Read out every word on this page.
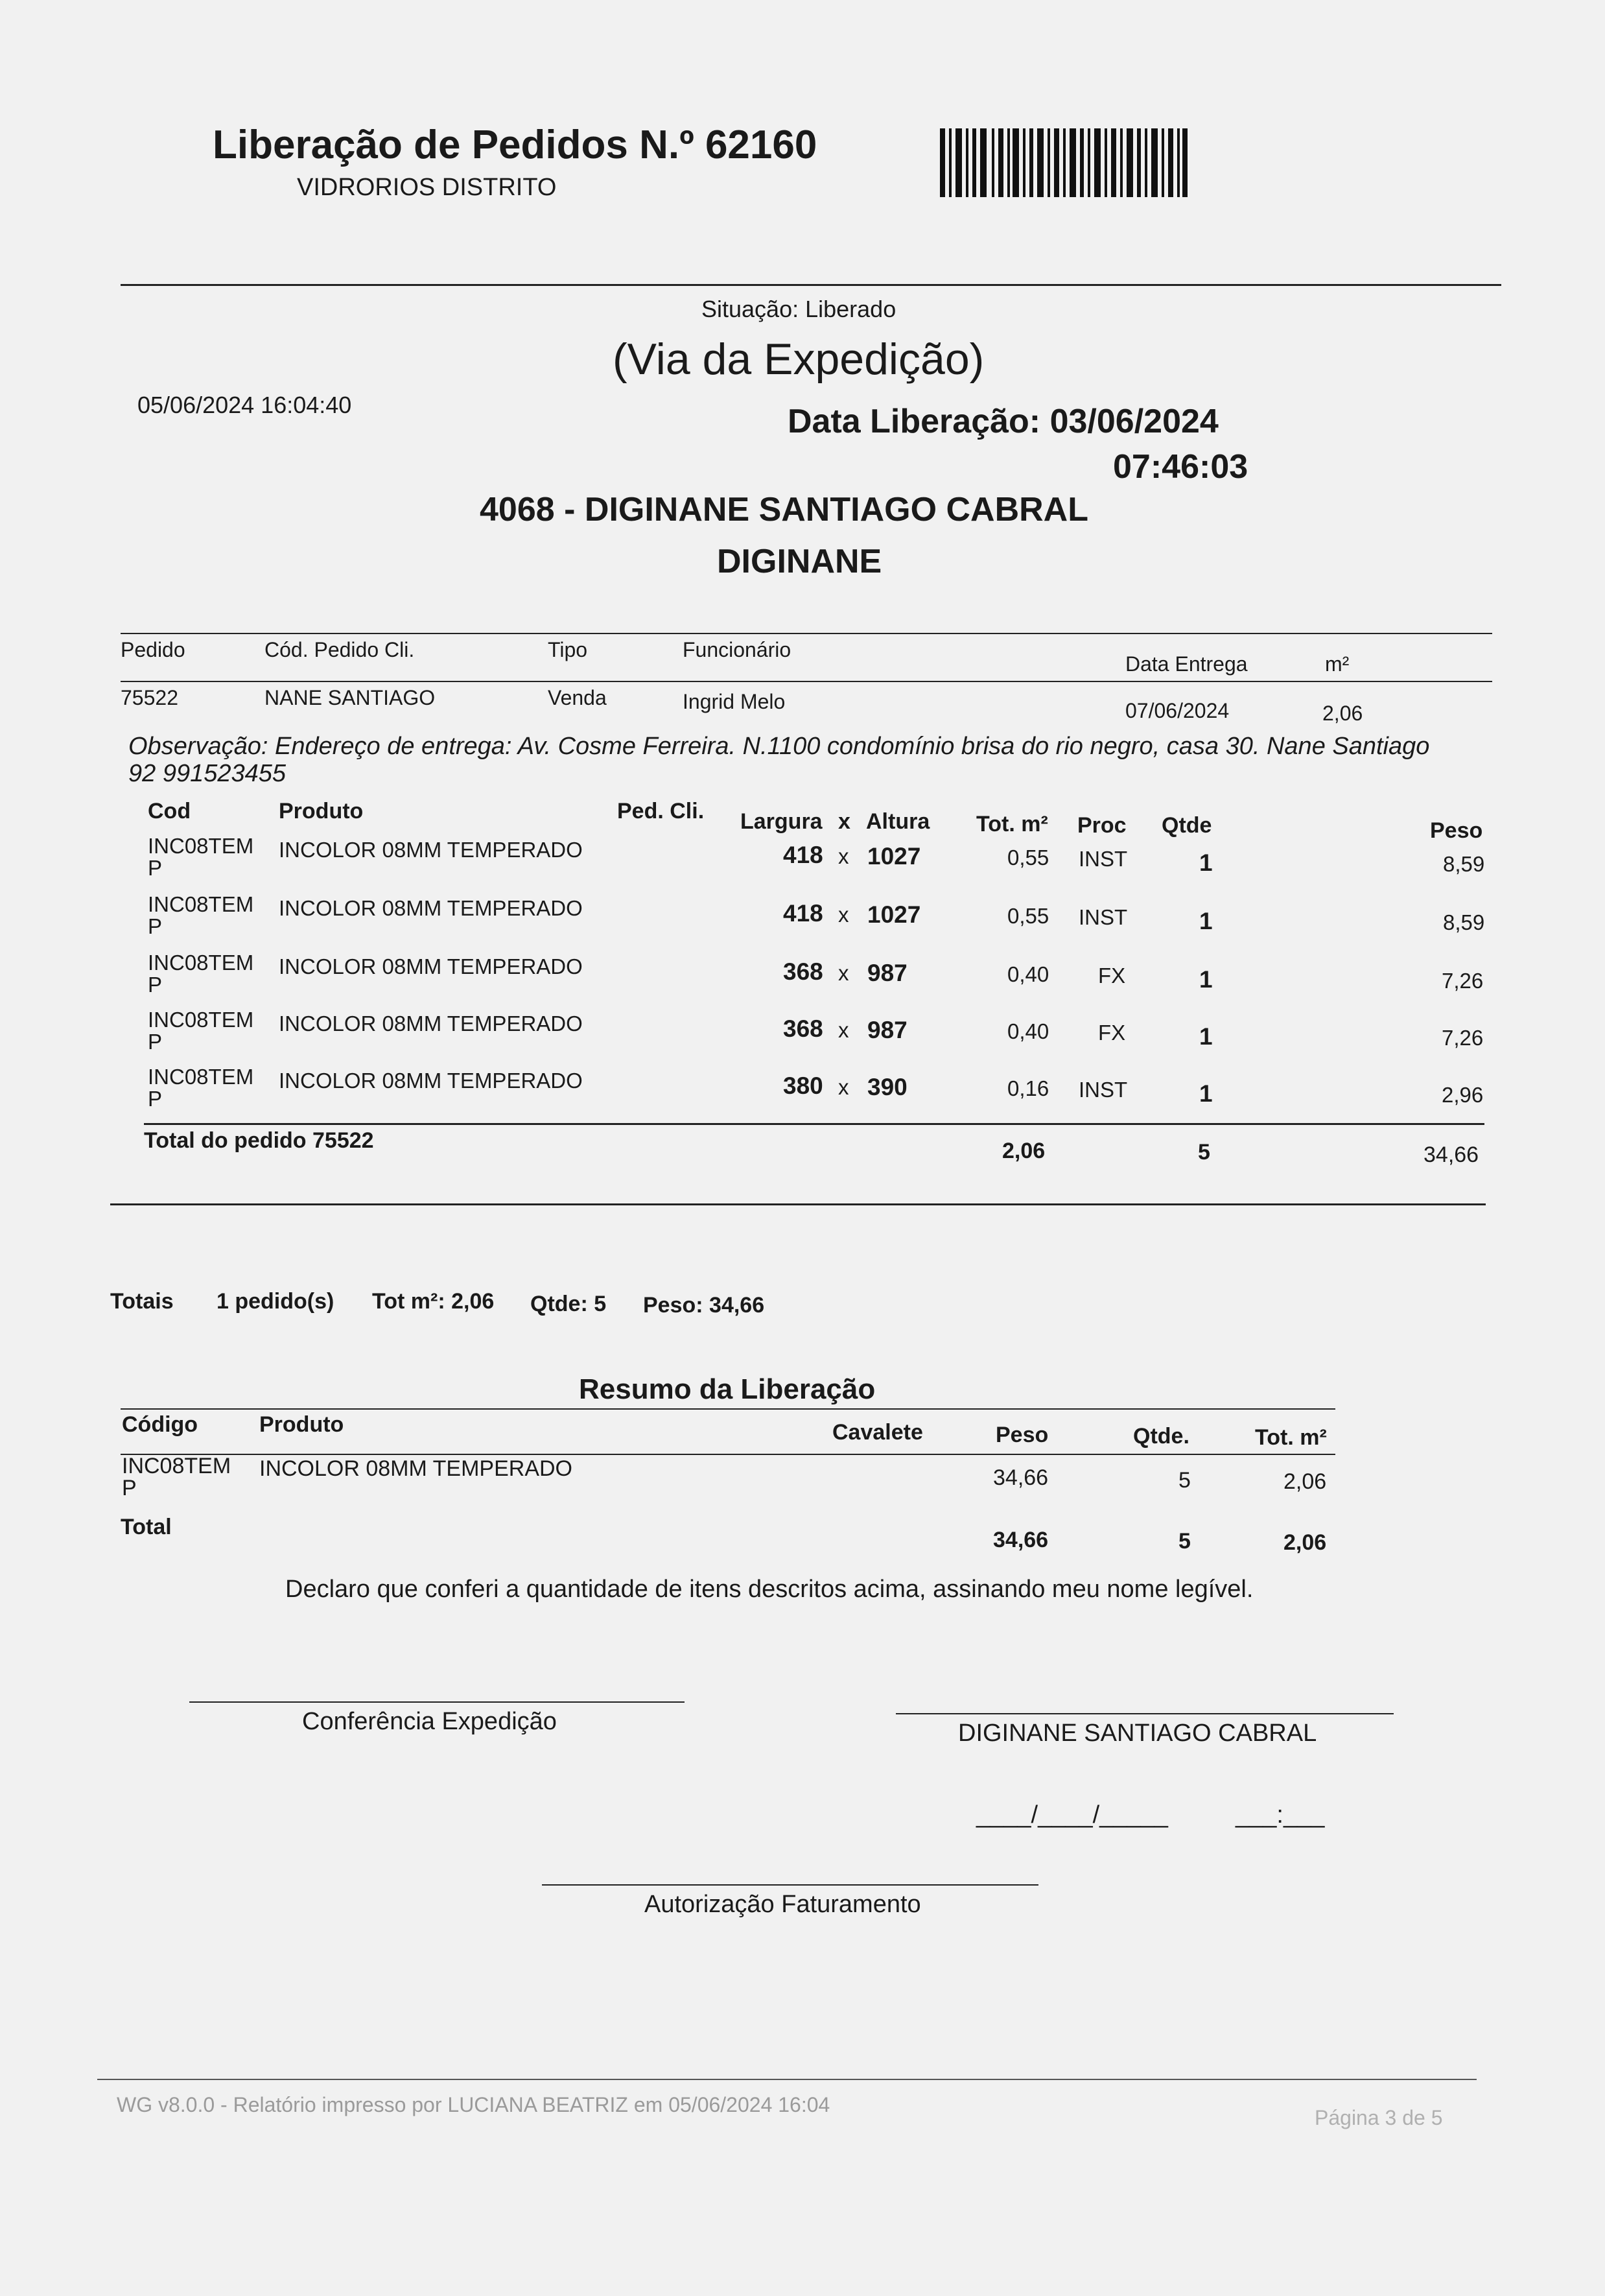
Liberação de Pedidos N.º 62160
VIDRORIOS DISTRITO
Situação: Liberado
(Via da Expedição)
05/06/2024 16:04:40	Data Liberação: 03/06/2024
07:46:03
4068 - DIGINANE SANTIAGO CABRAL
DIGINANE
Pedido	Cód. Pedido Cli.	Tipo	Funcionário
Data Entrega	m²
75522	NANE SANTIAGO	Venda	Ingrid Melo	07/06/2024	2,06
Observação: Endereço de entrega: Av. Cosme Ferreira. N.1100 condomínio brisa do rio negro, casa 30. Nane Santiago
92 991523455
Cod	Produto	Ped. Cli. Largura x Altura Tot. m² Proc Qtde	Peso
INC08TEM
P
INCOLOR 08MM TEMPERADO	418 x 1027	0,55 INST	1	8,59
INC08TEM
P
INCOLOR 08MM TEMPERADO	418 x 1027	0,55 INST	1	8,59
INC08TEM
P
INCOLOR 08MM TEMPERADO	368 x 987	0,40 FX	1	7,26
INC08TEM
P
INCOLOR 08MM TEMPERADO	368 x 987	0,40 FX	1	7,26
INC08TEM
P
INCOLOR 08MM TEMPERADO	380 x 390	0,16 INST	1	2,96
Total do pedido 75522	2,06	5	34,66
Totais 1 pedido(s) Tot m²: 2,06 Qtde: 5 Peso: 34,66
Resumo da Liberação
Código	Produto	Cavalete	Peso	Qtde.	Tot. m²
INC08TEM
P
INCOLOR 08MM TEMPERADO	34,66	5	2,06
Total
34,66	5	2,06
Declaro que conferi a quantidade de itens descritos acima, assinando meu nome legível.
Conferência Expedição	DIGINANE SANTIAGO CABRAL
____/____/_____	___:___
Autorização Faturamento
WG v8.0.0 - Relatório impresso por LUCIANA BEATRIZ em 05/06/2024 16:04
Página 3 de 5
